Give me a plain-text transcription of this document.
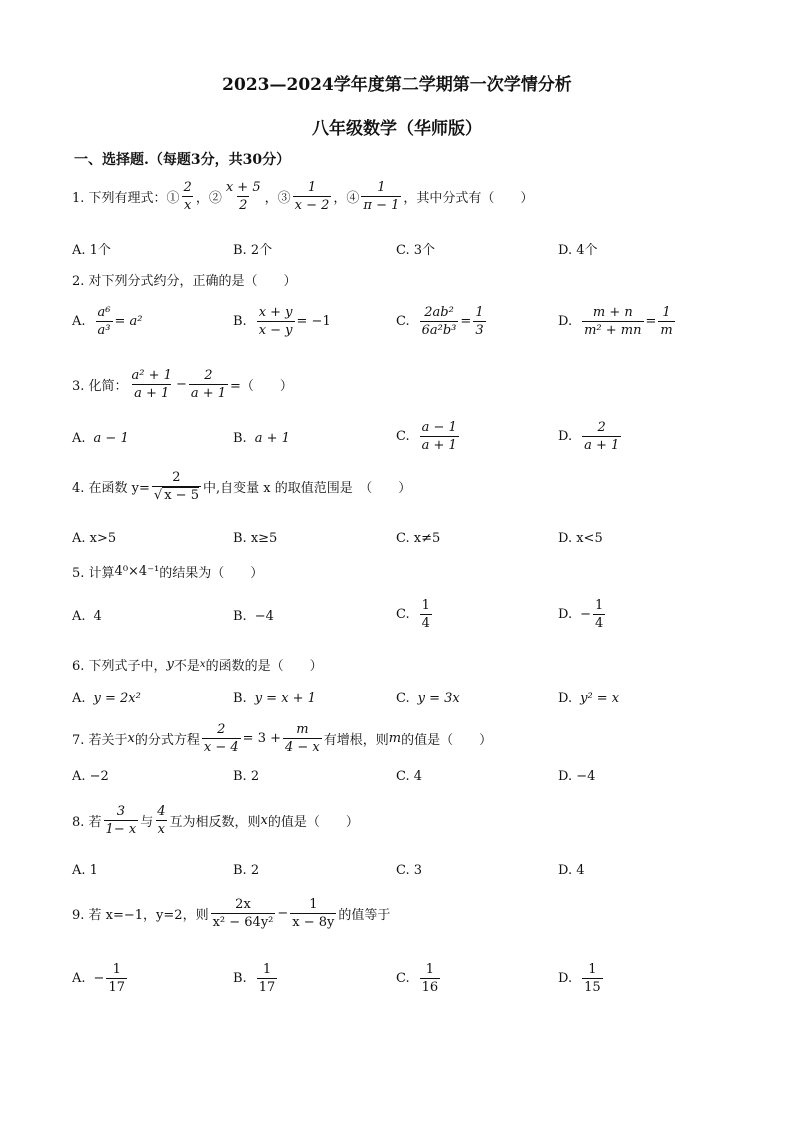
2023—2024学年度第二学期第一次学情分析
八年级数学（华师版）
一、选择题.（每题3分，共30分）
1. 下列有理式：① $\frac{2}{x}$ ，② $\frac{x + 5}{2}$ ，③ $\frac{1}{x - 2}$ ，④ $\frac{1}{\pi - 1}$ ，其中分式有（　　）
A. 1个	B. 2个	C. 3个	D. 4个
2. 对下列分式约分，正确的是（　　）
A. $\frac{\text{a⁶}}{\text{a³}} = a^2$	B. $\frac{x + y}{x - y} = -1$	C. $\frac{\text{2ab²}}{\text{6a²b³}} = \frac{1}{3}$	D. $\frac{m + n}{\text{m² + mn}} = \frac{1}{m}$
3. 化简： $\frac{\text{a² + 1}}{a + 1} - \frac{2}{a + 1}$ =（　　）
A. a − 1	B. a + 1	C. $\frac{a - 1}{a + 1}$	D. $\frac{2}{a + 1}$
4. 在函数 $y= \frac{2}{√ x - 5}$ 中,自变量 x 的取值范围是　（　　）
A. x>5	B. x≥5	C. x≠5	D. x<5
5. 计算 4⁰×4⁻¹ 的结果为（　　）
A. 4	B. −4	C. $\frac{1}{4}$	D. − $\frac{1}{4}$
6. 下列式子中， y 不是 x 的函数的是（　　）
A. y = 2x²	B. y = x + 1	C. y = 3x	D. y² = x
7. 若关于 x 的分式方程 $\frac{2}{x - 4} = 3 + \frac{m}{4 - x}$ 有增根，则 m 的值是（　　）
A. −2	B. 2	C. 4	D. −4
8. 若 $\frac{3}{1- x}$ 与 $\frac{4}{x}$ 互为相反数，则 x 的值是（　　）
A. 1	B. 2	C. 3	D. 4
9. 若 x=−1，y=2，则 $\frac{2x}{\text{x² − 64y²}} - \frac{1}{x - 8y}$ 的值等于
A. − $\frac{1}{17}$	B. $\frac{1}{17}$	C. $\frac{1}{16}$	D. $\frac{1}{15}$
